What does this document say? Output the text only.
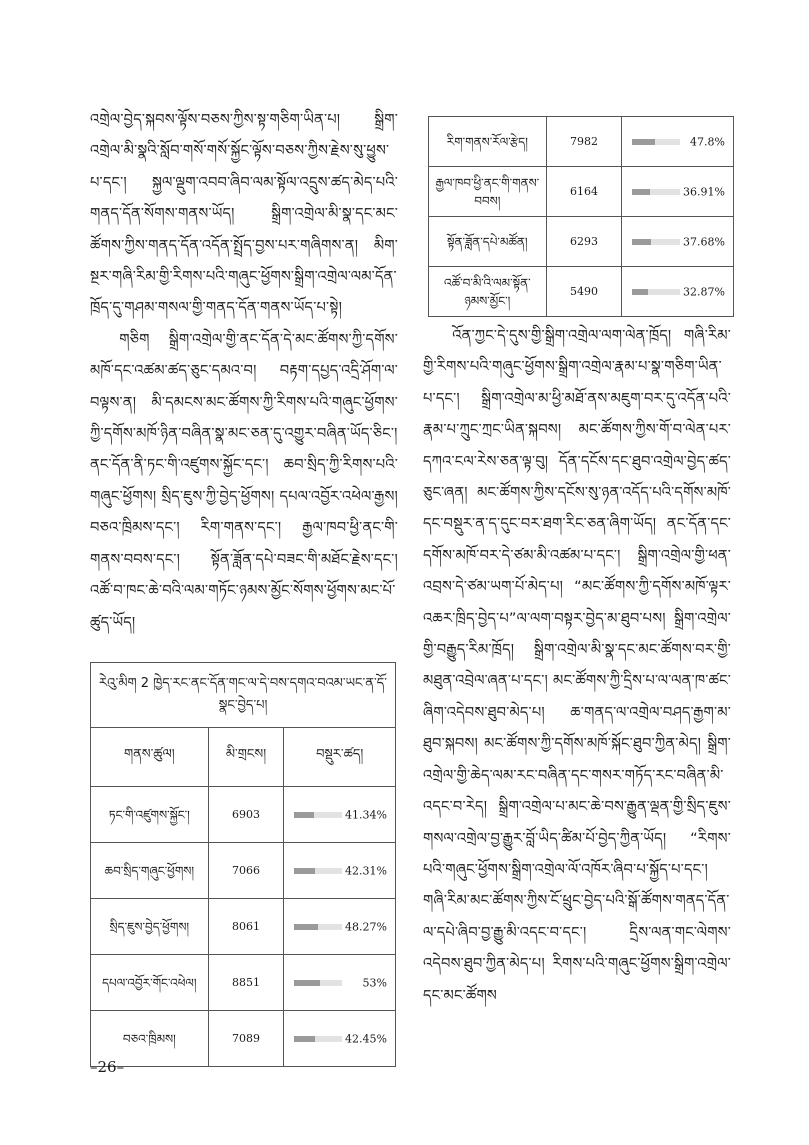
རིག་གནས་རོལ་རྩེད།	7982	47.8%

རྒྱལ་ཁབ་ཕྱི་ནང་གི་གནས་བབས།	6164	36.91%

སྟོན་ཟློན་དཔེ་མཚོན།	6293	37.68%

འཚོ་བ་མི་འི་ལམ་སྟོན་ཉམས་མྱོང་།	5490	32.87%

འགྲེལ་བྱེད་སྐབས་ལྟོས་བཅས་ཀྱིས་སྟ་གཅིག་ཡིན་པ། སྒྲིག་འགྲེལ་མི་སྣའི་སློབ་གསོ་གསོ་སྐྱོང་ལྟོས་བཅས་ཀྱིས་རྗེས་སུ་ཕྱུས་པ་དང་། སྐྱལ་ལྡུག་འབབ་ཞིབ་ལམ་སྟོལ་འདྲུས་ཚད་མེད་པའི་གནད་དོན་སོགས་གནས་ཡོད། སྒྲིག་འགྲེལ་མི་སྣ་དང་མང་ཚོགས་ཀྱིས་གནད་དོན་འདོན་སྤྲོད་བྱས་པར་གཞིགས་ན། མིག་སྔར་གཞི་རིམ་གྱི་རིགས་པའི་གཞུང་ཕྱོགས་སྒྲིག་འགྲེལ་ལམ་དོན་ཁྲོད་དུ་གཤམ་གསལ་གྱི་གནད་དོན་གནས་ཡོད་པ་སྟེ།

གཅིག སྒྲིག་འགྲེལ་གྱི་ནང་དོན་དེ་མང་ཚོགས་ཀྱི་དགོས་མཁོ་དང་འཚམ་ཚད་ཅུང་དམའ་བ། བརྟག་དཔྱད་འདྲི་ཤོག་ལ་བལྟས་ན། མི་དམངས་མང་ཚོགས་ཀྱི་རིགས་པའི་གཞུང་ཕྱོགས་ཀྱི་དགོས་མཁོ་ཉིན་བཞིན་སྣ་མང་ཅན་དུ་འགྱུར་བཞིན་ཡོད་ཅིང་། ནང་དོན་ནི་ཏང་གི་འཛུགས་སྐྱོང་དང་། ཆབ་སྲིད་ཀྱི་རིགས་པའི་གཞུང་ཕྱོགས། སྲིད་ཇུས་ཀྱི་བྱེད་ཕྱོགས། དཔལ་འབྱོར་འཕེལ་རྒྱས། བཅའ་ཁྲིམས་དང་། རིག་གནས་དང་། རྒྱལ་ཁབ་ཕྱི་ནང་གི་གནས་བབས་དང་། སྟོན་ཟློན་དཔེ་བཟང་གི་མཐོང་རྗེས་དང་། འཚོ་བ་ཁང་ཆེ་བའི་ལམ་གཏོང་ཉམས་མྱོང་སོགས་ཕྱོགས་མང་པོ་ཚུད་ཡོད།

འོན་ཀྱང་དེ་དུས་གྱི་སྒྲིག་འགྲེལ་ལག་ལེན་ཁྲོད། གཞི་རིམ་གྱི་རིགས་པའི་གཞུང་ཕྱོགས་སྒྲིག་འགྲེལ་རྣམ་པ་སྣ་གཅིག་ཡིན་པ་དང་། སྒྲིག་འགྲེལ་མ་ཕྱི་མཐོ་ནས་མཇུག་བར་དུ་འདོན་པའི་རྣམ་པ་ཀྲུང་ཀྲང་ཡིན་སྐབས། མང་ཚོགས་ཀྱིས་གོ་བ་ལེན་པར་དཀའ་ངལ་རེས་ཅན་ལྟ་བུ། དོན་དངོས་དང་ཐུབ་འགྲེལ་བྱེད་ཚད་ཅུང་ཞན། མང་ཚོགས་ཀྱིས་དངོས་སུ་ཉན་འདོད་པའི་དགོས་མཁོ་དང་བསྡུར་ན་ད་དུང་བར་ཐག་རིང་ཅན་ཞིག་ཡོད། ནང་དོན་དང་དགོས་མཁོ་བར་དེ་ཙམ་མི་འཚམ་པ་དང་། སྒྲིག་འགྲེལ་གྱི་ཕན་འབྲས་དེ་ཙམ་ཡག་པོ་མེད་པ། “མང་ཚོགས་ཀྱི་དགོས་མཁོ་ལྟར་འཆར་ཁྲིད་བྱེད་པ”ལ་ལག་བསྟར་བྱེད་མ་ཐུབ་པས། སྒྲིག་འགྲེལ་གྱི་བརྒྱུད་རིམ་ཁྲོད། སྒྲིག་འགྲེལ་མི་སྣ་དང་མང་ཚོགས་བར་གྱི་མཐུན་འབྲེལ་ཞན་པ་དང་། མང་ཚོགས་ཀྱི་དྲིས་པ་ལ་ལན་ཁ་ཚང་ཞིག་འདེབས་ཐུབ་མེད་པ། ཆ་གནད་ལ་འགྲེལ་བཤད་རྒྱག་མ་ཐུབ་སྐབས། མང་ཚོགས་ཀྱི་དགོས་མཁོ་སྐོང་ཐུབ་ཀྱིན་མེད། སྒྲིག་འགྲེལ་གྱི་ཆེད་ལམ་རང་བཞིན་དང་གསར་གཏོད་རང་བཞིན་མི་འདང་བ་རེད། སྒྲིག་འགྲེལ་པ་མང་ཆེ་བས་རྒྱུན་ལྡན་གྱི་སྲིད་ཇུས་གསལ་འགྲེལ་བྱ་རྒྱུར་བློ་ཡིད་ཚིམ་པོ་བྱེད་ཀྱིན་ཡོད། “རིགས་པའི་གཞུང་ཕྱོགས་སྒྲིག་འགྲེལ་ལོ་འཁོར་ཞིབ་པ་སྐྱོད་པ་དང་། གཞི་རིམ་མང་ཚོགས་ཀྱིས་ངོ་ཕྲུང་བྱེད་པའི་སྒོ་ཚོགས་གནད་དོན་ལ་དཔེ་ཞིབ་བྱ་རྒྱུ་མི་འདང་བ་དང་། དྲིས་ལན་གང་ལེགས་འདེབས་ཐུབ་ཀྱིན་མེད་པ། རིགས་པའི་གཞུང་ཕྱོགས་སྒྲིག་འགྲེལ་དང་མང་ཚོགས

རེའུ་མིག 2 ཁྱེད་རང་ནང་དོན་གང་ལ་དེ་བས་དགའ་བའམ་ཡང་ན་དོ་སྣང་བྱེད་པ།		
གནས་ཚུལ།	མི་གྲངས།	བསྡུར་ཚད།
ཏང་གི་འཛུགས་སྐྱོང་།	6903	41.34%

ཆབ་སྲིད་གཞུང་ཕྱོགས།	7066	42.31%

སྲིད་ཇུས་བྱེད་ཕྱོགས།	8061	48.27%

དཔལ་འབྱོར་གོང་འཕེལ།	8851	53%

བཅའ་ཁྲིམས།	7089	42.45%
–26–
